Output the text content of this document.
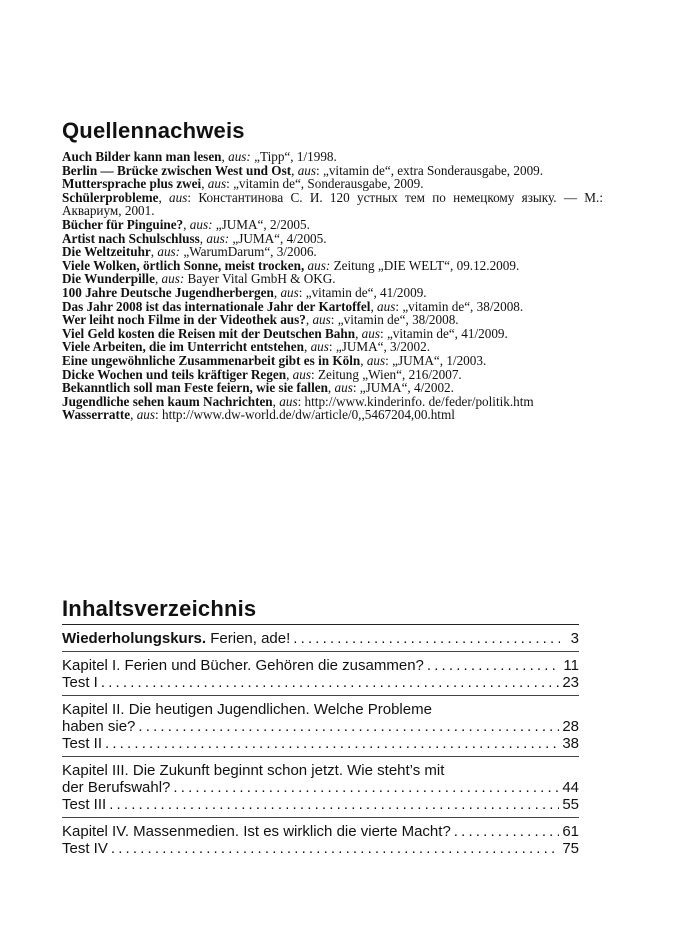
Quellennachweis
Auch Bilder kann man lesen, aus: „Tipp“, 1/1998.
Berlin — Brücke zwischen West und Ost, aus: „vitamin de“, extra Sonderausgabe, 2009.
Muttersprache plus zwei, aus: „vitamin de“, Sonderausgabe, 2009.
Schülerprobleme, aus: Константинова С. И. 120 устных тем по немецкому языку. — М.: Аквариум, 2001.
Bücher für Pinguine?, aus: „JUMA“, 2/2005.
Artist nach Schulschluss, aus: „JUMA“, 4/2005.
Die Weltzeituhr, aus: „WarumDarum“, 3/2006.
Viele Wolken, örtlich Sonne, meist trocken, aus: Zeitung „DIE WELT“, 09.12.2009.
Die Wunderpille, aus: Bayer Vital GmbH & OKG.
100 Jahre Deutsche Jugendherbergen, aus: „vitamin de“, 41/2009.
Das Jahr 2008 ist das internationale Jahr der Kartoffel, aus: „vitamin de“, 38/2008.
Wer leiht noch Filme in der Videothek aus?, aus: „vitamin de“, 38/2008.
Viel Geld kosten die Reisen mit der Deutschen Bahn, aus: „vitamin de“, 41/2009.
Viele Arbeiten, die im Unterricht entstehen, aus: „JUMA“, 3/2002.
Eine ungewöhnliche Zusammenarbeit gibt es in Köln, aus: „JUMA“, 1/2003.
Dicke Wochen und teils kräftiger Regen, aus: Zeitung „Wien“, 216/2007.
Bekanntlich soll man Feste feiern, wie sie fallen, aus: „JUMA“, 4/2002.
Jugendliche sehen kaum Nachrichten, aus: http://www.kinderinfo. de/feder/politik.htm
Wasserratte, aus: http://www.dw-world.de/dw/article/0,,5467204,00.html
Inhaltsverzeichnis
Wiederholungskurs. Ferien, ade! . . .	3
Kapitel I. Ferien und Bücher. Gehören die zusammen? . . .	11
Test I . . .	23
Kapitel II. Die heutigen Jugendlichen. Welche Probleme
haben sie? . . .	28
Test II . . .	38
Kapitel III. Die Zukunft beginnt schon jetzt. Wie steht’s mit
der Berufswahl? . . .	44
Test III . . .	55
Kapitel IV. Massenmedien. Ist es wirklich die vierte Macht? . . .	61
Test IV . . .	75
